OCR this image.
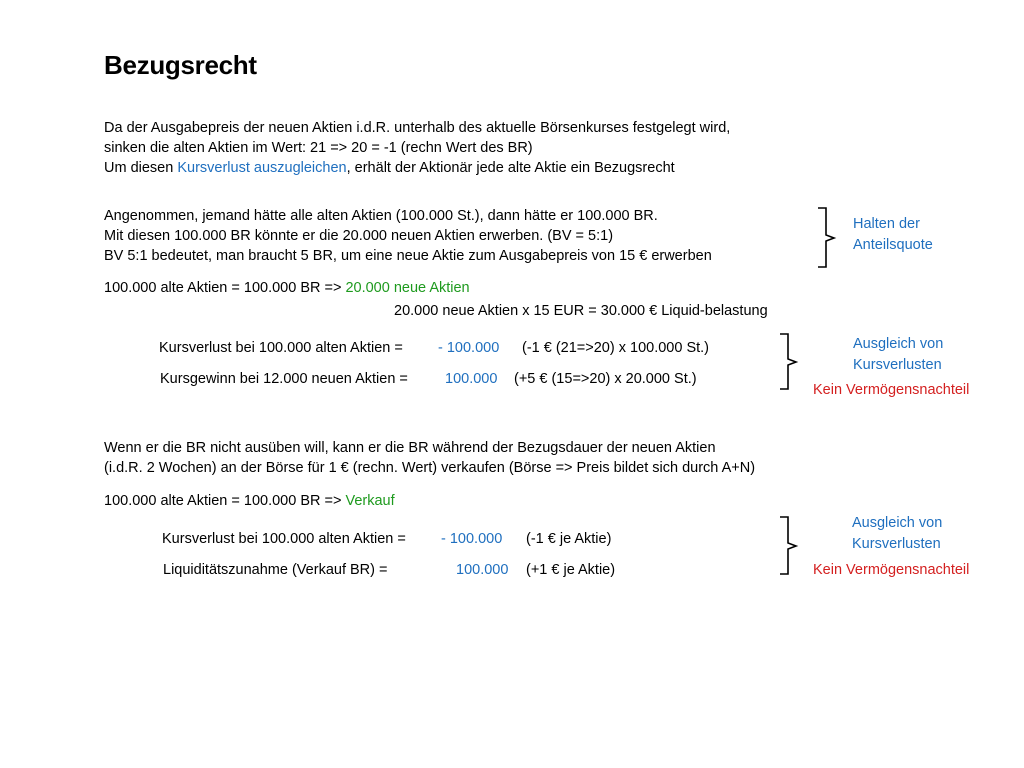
Bezugsrecht
Da der Ausgabepreis der neuen Aktien i.d.R. unterhalb des aktuelle Börsenkurses festgelegt wird,
sinken die alten Aktien im Wert: 21 => 20 = -1 (rechn Wert des BR)
Um diesen Kursverlust auszugleichen, erhält der Aktionär jede alte Aktie ein Bezugsrecht
Angenommen, jemand hätte alle alten Aktien (100.000 St.), dann hätte er 100.000 BR.
Mit diesen 100.000 BR könnte er die 20.000 neuen Aktien erwerben. (BV = 5:1)
BV 5:1 bedeutet, man braucht 5 BR, um eine neue Aktie zum Ausgabepreis von 15 € erwerben
Halten der
Anteilsquote
100.000 alte Aktien = 100.000 BR => 20.000 neue Aktien
20.000 neue Aktien x 15 EUR = 30.000 € Liquid-belastung
Kursverlust bei 100.000 alten Aktien = - 100.000 (-1 € (21=>20) x 100.000 St.)
Kursgewinn bei 12.000 neuen Aktien =	100.000 (+5 € (15=>20) x 20.000 St.)
Ausgleich von
Kursverlusten
Kein Vermögensnachteil
Wenn er die BR nicht ausüben will, kann er die BR während der Bezugsdauer der neuen Aktien
(i.d.R. 2 Wochen) an der Börse für 1 € (rechn. Wert) verkaufen (Börse => Preis bildet sich durch A+N)
100.000 alte Aktien = 100.000 BR => Verkauf
Kursverlust bei 100.000 alten Aktien = - 100.000 (-1 € je Aktie)
Liquiditätszunahme (Verkauf BR) =	100.000 (+1 € je Aktie)
Ausgleich von
Kursverlusten
Kein Vermögensnachteil
